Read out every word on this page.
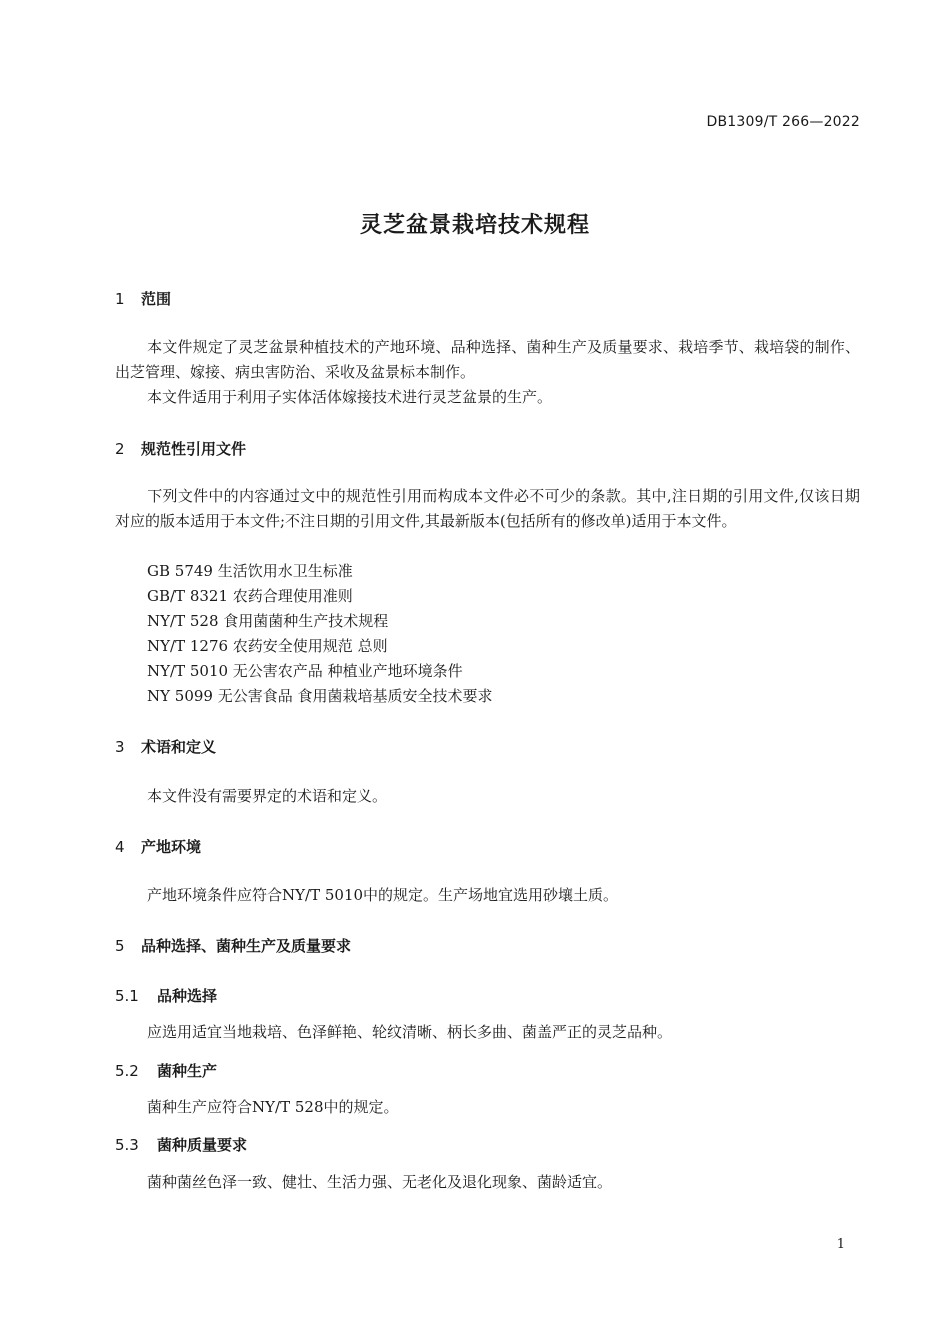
DB1309/T 266—2022
灵芝盆景栽培技术规程
1 范围
本文件规定了灵芝盆景种植技术的产地环境、品种选择、菌种生产及质量要求、栽培季节、栽培袋的制作、出芝管理、嫁接、病虫害防治、采收及盆景标本制作。
本文件适用于利用子实体活体嫁接技术进行灵芝盆景的生产。
2 规范性引用文件
下列文件中的内容通过文中的规范性引用而构成本文件必不可少的条款。其中,注日期的引用文件,仅该日期对应的版本适用于本文件;不注日期的引用文件,其最新版本(包括所有的修改单)适用于本文件。
GB 5749 生活饮用水卫生标准
GB/T 8321 农药合理使用准则
NY/T 528 食用菌菌种生产技术规程
NY/T 1276 农药安全使用规范 总则
NY/T 5010 无公害农产品 种植业产地环境条件
NY 5099 无公害食品 食用菌栽培基质安全技术要求
3 术语和定义
本文件没有需要界定的术语和定义。
4 产地环境
产地环境条件应符合NY/T 5010中的规定。生产场地宜选用砂壤土质。
5 品种选择、菌种生产及质量要求
5.1 品种选择
应选用适宜当地栽培、色泽鲜艳、轮纹清晰、柄长多曲、菌盖严正的灵芝品种。
5.2 菌种生产
菌种生产应符合NY/T 528中的规定。
5.3 菌种质量要求
菌种菌丝色泽一致、健壮、生活力强、无老化及退化现象、菌龄适宜。
1
